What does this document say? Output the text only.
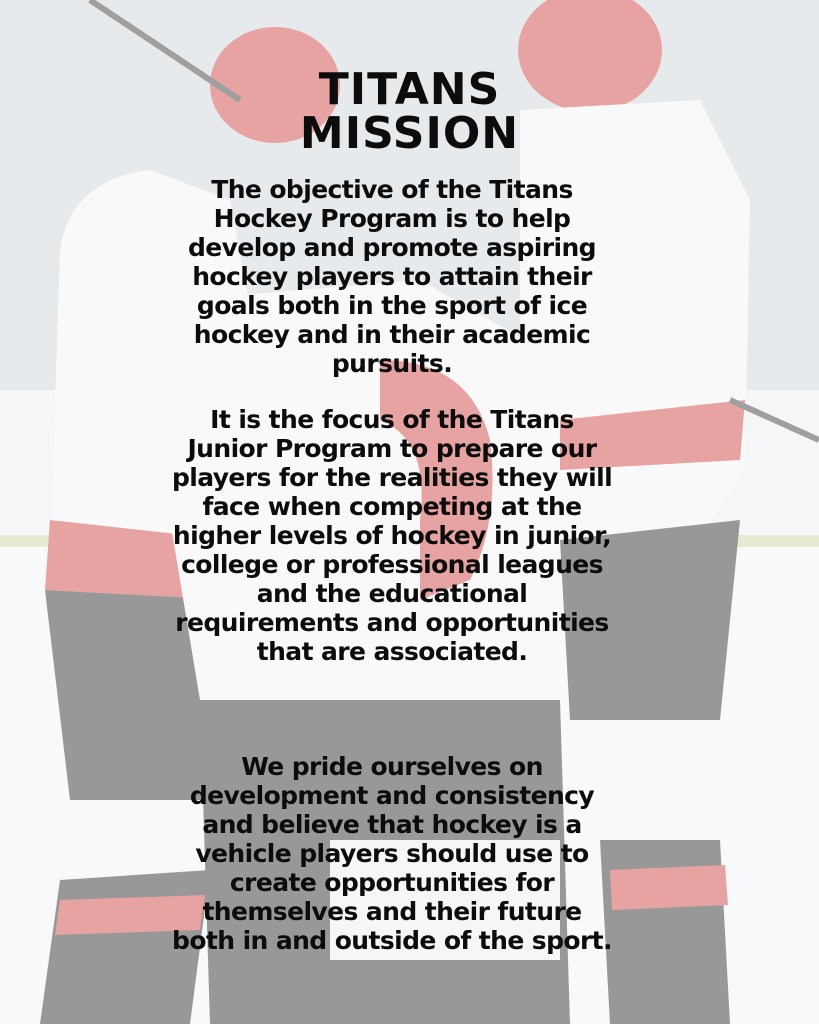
TITANS
MISSION

The objective of the Titans Hockey Program is to help develop and promote aspiring hockey players to attain their goals both in the sport of ice hockey and in their academic pursuits.

It is the focus of the Titans Junior Program to prepare our players for the realities they will face when competing at the higher levels of hockey in junior, college or professional leagues and the educational requirements and opportunities that are associated.

We pride ourselves on development and consistency and believe that hockey is a vehicle players should use to create opportunities for themselves and their future both in and outside of the sport.
